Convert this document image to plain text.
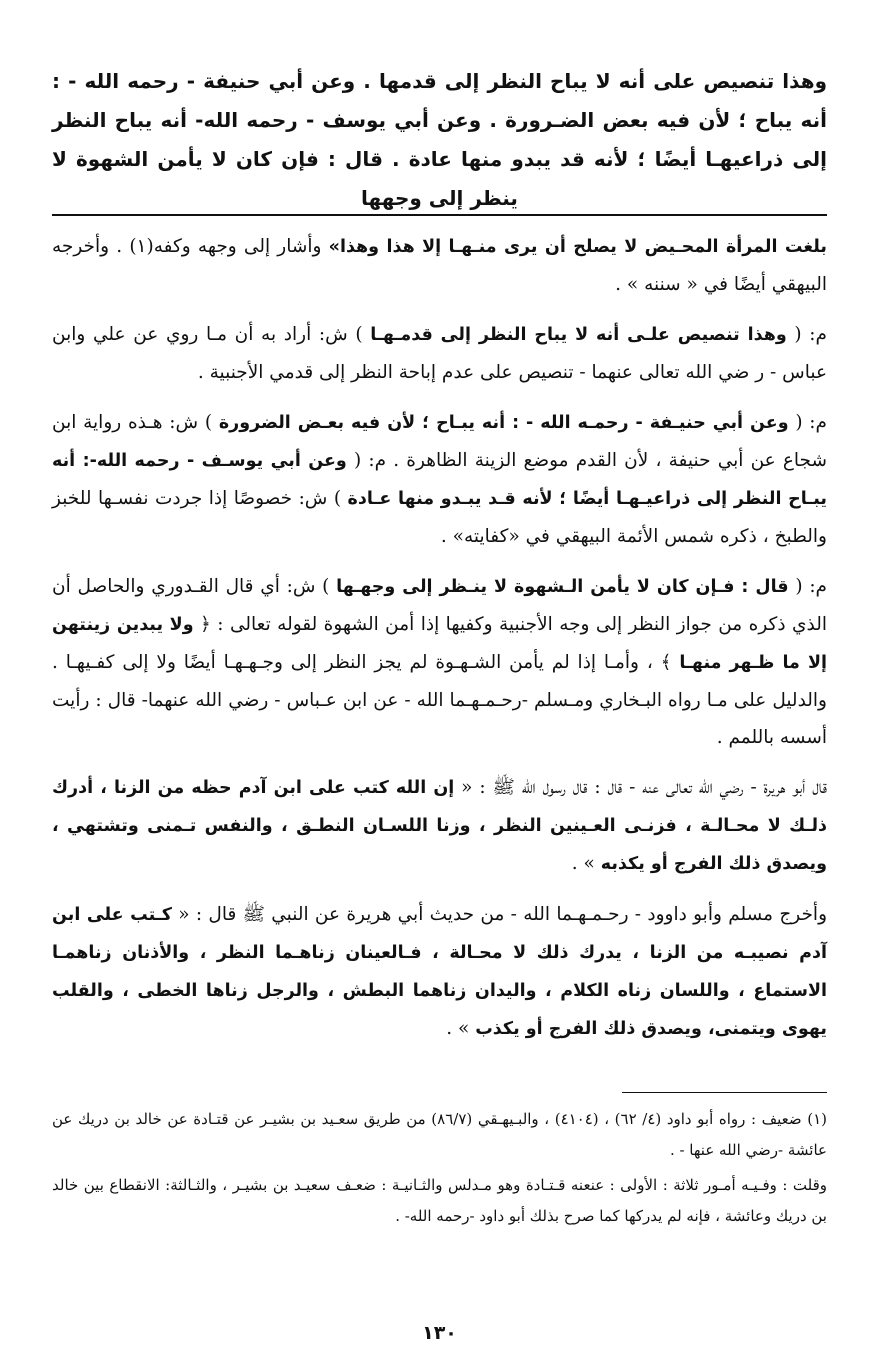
وهذا تنصيص على أنه لا يباح النظر إلى قدمها . وعن أبي حنيفة - رحمه الله - : أنه يباح ؛ لأن فيه بعض الضـرورة . وعن أبي يوسف - رحمه الله- أنه يباح النظر إلى ذراعيهـا أيضًا ؛ لأنه قد يبدو منها عادة . قال : فإن كان لا يأمن الشهوة لا ينظر إلى وجهها

بلغت المرأة المحـيض لا يصلح أن يرى منـهـا إلا هذا وهذا» وأشار إلى وجهه وكفه(١) . وأخرجه البيهقي أيضًا في « سننه » .

م: ( وهذا تنصيص علـى أنه لا يباح النظر إلى قدمـهـا ) ش: أراد به أن مـا روي عن علي وابن عباس - ر ضي الله تعالى عنهما - تنصيص على عدم إباحة النظر إلى قدمي الأجنبية .

م: ( وعن أبي حنيـفة - رحمـه الله - : أنه يبـاح ؛ لأن فيه بعـض الضرورة ) ش: هـذه رواية ابن شجاع عن أبي حنيفة ، لأن القدم موضع الزينة الظاهرة . م: ( وعن أبي يوسـف - رحمه الله-: أنه يبـاح النظر إلى ذراعيـهـا أيضًا ؛ لأنه قـد يبـدو منها عـادة ) ش: خصوصًا إذا جردت نفسـها للخبز والطبخ ، ذكره شمس الأئمة البيهقي في «كفايته» .

م: ( قال : فـإن كان لا يأمن الـشهوة لا ينـظر إلى وجهـها ) ش: أي قال القـدوري والحاصل أن الذي ذكره من جواز النظر إلى وجه الأجنبية وكفيها إذا أمن الشهوة لقوله تعالى : ﴿ ولا يبدين زينتهن إلا ما ظـهر منهـا ﴾ ، وأمـا إذا لم يأمن الشـهـوة لم يجز النظر إلى وجـهـهـا أيضًا ولا إلى كفـيهـا . والدليل على مـا رواه البـخاري ومـسلم -رحـمـهـما الله - عن ابن عـباس - رضي الله عنهما- قال : رأيت أسسه باللمم .

قال أبو هريرة - رضي الله تعالى عنه - قال : قال رسول الله ﷺ : « إن الله كتب على ابن آدم حظه من الزنا ، أدرك ذلـك لا محـالـة ، فزنـى العـينين النظر ، وزنا اللسـان النطـق ، والنفس تـمنى وتشتهي ، ويصدق ذلك الفرج أو يكذبه » .

وأخرج مسلم وأبو داوود - رحـمـهـما الله - من حديث أبي هريرة عن النبي ﷺ قال : « كـتب على ابن آدم نصيبـه من الزنا ، يدرك ذلك لا محـالة ، فـالعينان زناهـما النظر ، والأذنان زناهمـا الاستماع ، واللسان زناه الكلام ، واليدان زناهما البطش ، والرجل زناها الخطى ، والقلب يهوى ويتمنى، ويصدق ذلك الفرج أو يكذب » .

(١) ضعيف : رواه أبو داود (٤/ ٦٢) ، (٤١٠٤) ، والبـيهـقي (٨٦/٧) من طريق سعـيد بن بشيـر عن قتـادة عن خالد بن دريك عن عائشة -رضي الله عنها - .

وقلت : وفـيـه أمـور ثلاثة : الأولى : عنعنه قـتـادة وهو مـدلس والثـانيـة : ضعـف سعيـد بن بشيـر ، والثـالثة: الانقطاع بين خالد بن دريك وعائشة ، فإنه لم يدركها كما صرح بذلك أبو داود -رحمه الله- .

١٣٠
